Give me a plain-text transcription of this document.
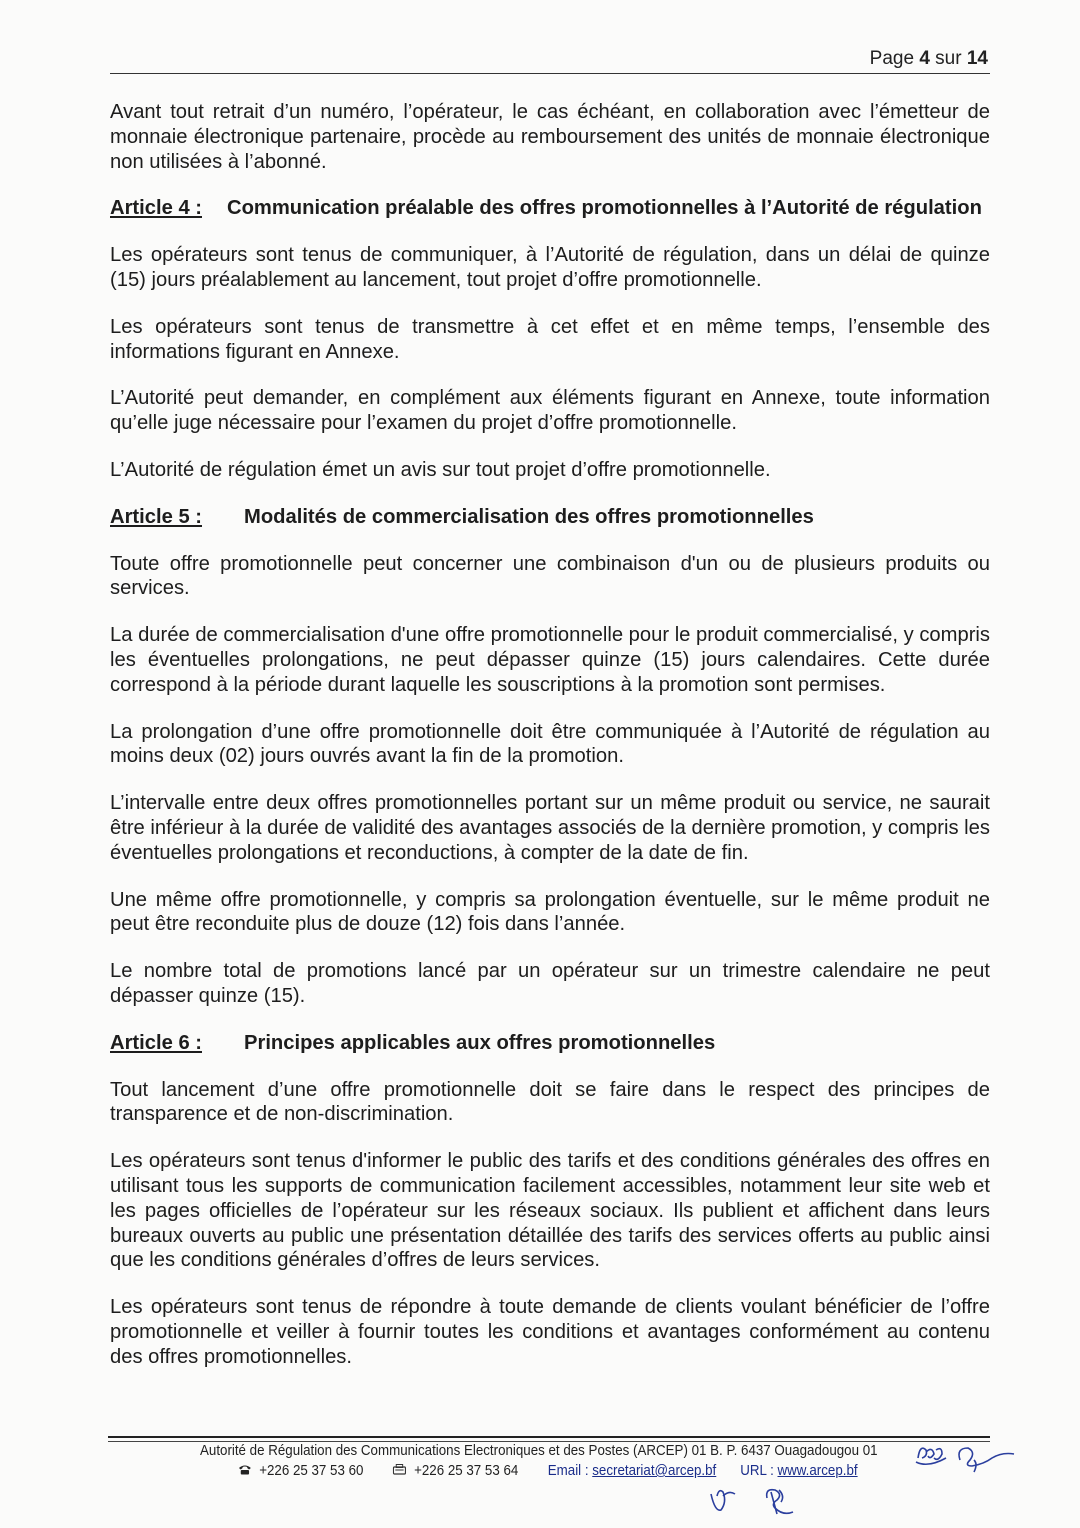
Page 4 sur 14

Avant tout retrait d’un numéro, l’opérateur, le cas échéant, en collaboration avec l’émetteur de monnaie électronique partenaire, procède au remboursement des unités de monnaie électronique non utilisées à l’abonné.

Article 4 :	Communication préalable des offres promotionnelles à l’Autorité de régulation

Les opérateurs sont tenus de communiquer, à l’Autorité de régulation, dans un délai de quinze (15) jours préalablement au lancement, tout projet d’offre promotionnelle.

Les opérateurs sont tenus de transmettre à cet effet et en même temps, l’ensemble des informations figurant en Annexe.

L’Autorité peut demander, en complément aux éléments figurant en Annexe, toute information qu’elle juge nécessaire pour l’examen du projet d’offre promotionnelle.

L’Autorité de régulation émet un avis sur tout projet d’offre promotionnelle.

Article 5 :	Modalités de commercialisation des offres promotionnelles

Toute offre promotionnelle peut concerner une combinaison d'un ou de plusieurs produits ou services.

La durée de commercialisation d'une offre promotionnelle pour le produit commercialisé, y compris les éventuelles prolongations, ne peut dépasser quinze (15) jours calendaires. Cette durée correspond à la période durant laquelle les souscriptions à la promotion sont permises.

La prolongation d’une offre promotionnelle doit être communiquée à l’Autorité de régulation au moins deux (02) jours ouvrés avant la fin de la promotion.

L’intervalle entre deux offres promotionnelles portant sur un même produit ou service, ne saurait être inférieur à la durée de validité des avantages associés de la dernière promotion, y compris les éventuelles prolongations et reconductions, à compter de la date de fin.

Une même offre promotionnelle, y compris sa prolongation éventuelle, sur le même produit ne peut être reconduite plus de douze (12) fois dans l’année.

Le nombre total de promotions lancé par un opérateur sur un trimestre calendaire ne peut dépasser quinze (15).

Article 6 :	Principes applicables aux offres promotionnelles

Tout lancement d’une offre promotionnelle doit se faire dans le respect des principes de transparence et de non-discrimination.

Les opérateurs sont tenus d'informer le public des tarifs et des conditions générales des offres en utilisant tous les supports de communication facilement accessibles, notamment leur site web et les pages officielles de l’opérateur sur les réseaux sociaux. Ils publient et affichent dans leurs bureaux ouverts au public une présentation détaillée des tarifs des services offerts au public ainsi que les conditions générales d’offres de leurs services.

Les opérateurs sont tenus de répondre à toute demande de clients voulant bénéficier de l’offre promotionnelle et veiller à fournir toutes les conditions et avantages conformément au contenu des offres promotionnelles.

Autorité de Régulation des Communications Electroniques et des Postes (ARCEP) 01 B. P. 6437 Ouagadougou 01
+226 25 37 53 60	+226 25 37 53 64 Email : secretariat@arcep.bf URL : www.arcep.bf
